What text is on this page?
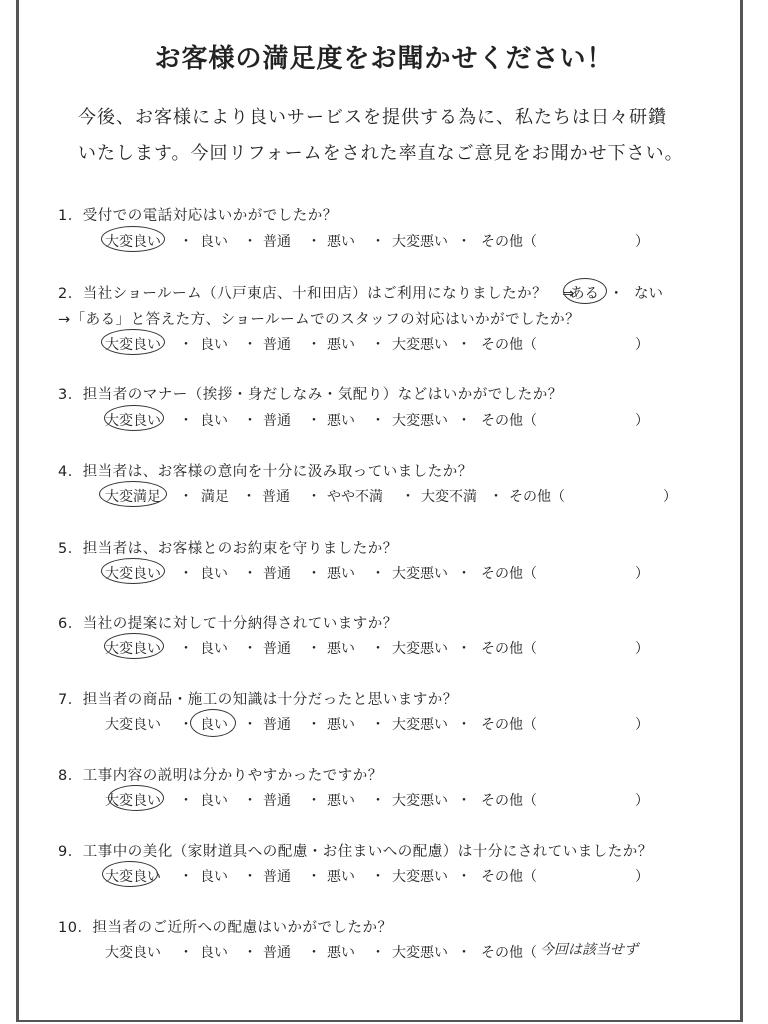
お客様の満足度をお聞かせください！
今後、お客様により良いサービスを提供する為に、私たちは日々研鑽
いたします。今回リフォームをされた率直なご意見をお聞かせ下さい。
1．受付での電話対応はいかがでしたか？
大変良い	良い	普通	悪い	大変悪い その他（
・	・	・	・	・	）
2．当社ショールーム（八戸東店、十和田店）はご利用になりましたか？　⇒
ある ・ ない
→「ある」と答えた方、ショールームでのスタッフの対応はいかがでしたか？
大変良い	良い	普通	悪い	大変悪い その他（
・	・	・	・	・	）
3．担当者のマナー（挨拶・身だしなみ・気配り）などはいかがでしたか？
大変良い	良い	普通	悪い	大変悪い その他（
・	・	・	・	・	）
4．担当者は、お客様の意向を十分に汲み取っていましたか？
大変満足	満足 普通	やや不満	大変不満 その他（
・	・	・	・	・	）
5．担当者は、お客様とのお約束を守りましたか？
大変良い	良い	普通	悪い	大変悪い その他（
・	・	・	・	・	）
6．当社の提案に対して十分納得されていますか？
大変良い	良い	普通	悪い	大変悪い その他（
・	・	・	・	・	）
7．担当者の商品・施工の知識は十分だったと思いますか？
大変良い	良い	普通	悪い	大変悪い その他（
・	・	・	・	・	）
8．工事内容の説明は分かりやすかったですか？
大変良い	良い	普通	悪い	大変悪い その他（
・	・	・	・	・	）
9．工事中の美化（家財道具への配慮・お住まいへの配慮）は十分にされていましたか？
大変良い	良い	普通	悪い	大変悪い その他（
・	・	・	・	・	）
10．担当者のご近所への配慮はいかがでしたか？
大変良い	良い	普通	悪い	大変悪い その他（
・	・	・	・	・	今回は該当せず
